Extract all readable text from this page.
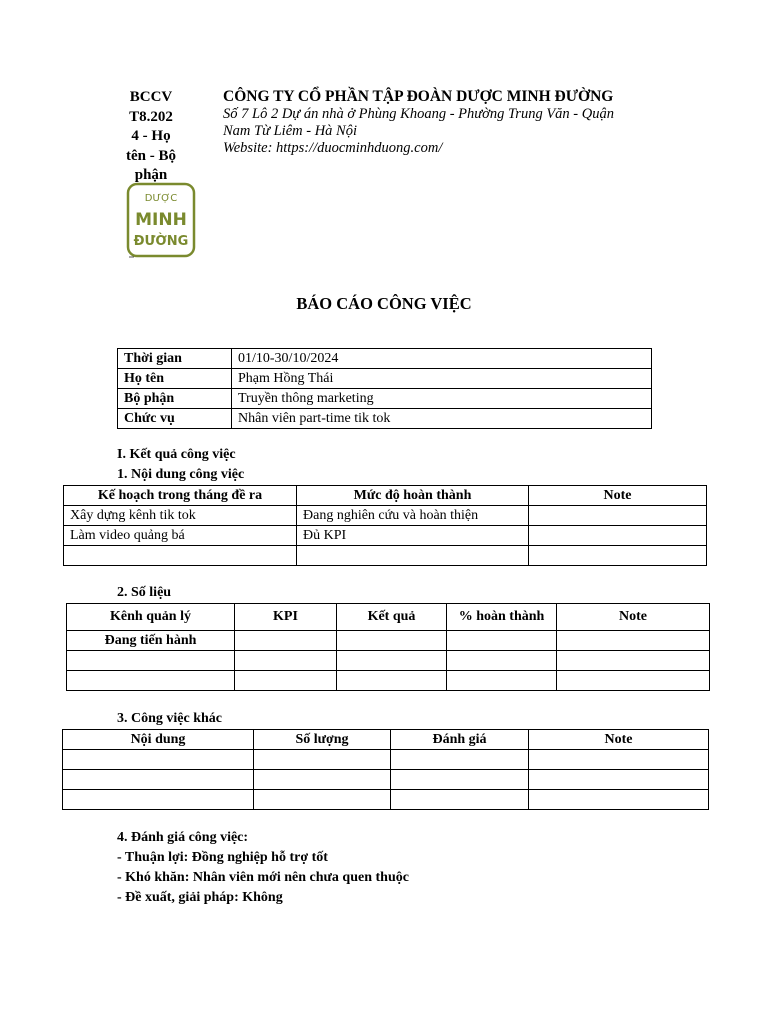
BCCV
T8.202
4 - Họ
tên - Bộ
phận
DƯỢC
MINH
ĐƯỜNG
CÔNG TY CỔ PHẦN TẬP ĐOÀN DƯỢC MINH ĐƯỜNG
Số 7 Lô 2 Dự án nhà ở Phùng Khoang - Phường Trung Văn - Quận
Nam Từ Liêm - Hà Nội
Website: https://duocminhduong.com/
BÁO CÁO CÔNG VIỆC
Thời gian	01/10-30/10/2024
Họ tên	Phạm Hồng Thái
Bộ phận	Truyền thông marketing
Chức vụ	Nhân viên part-time tik tok
I. Kết quả công việc
1. Nội dung công việc
Kế hoạch trong tháng đề ra	Mức độ hoàn thành	Note
Xây dựng kênh tik tok	Đang nghiên cứu và hoàn thiện	
Làm video quảng bá	Đủ KPI	

2. Số liệu
Kênh quản lý	KPI	Kết quả	% hoàn thành	Note
Đang tiến hành				

3. Công việc khác
Nội dung	Số lượng	Đánh giá	Note

4. Đánh giá công việc:
- Thuận lợi: Đồng nghiệp hỗ trợ tốt
- Khó khăn: Nhân viên mới nên chưa quen thuộc
- Đề xuất, giải pháp: Không
